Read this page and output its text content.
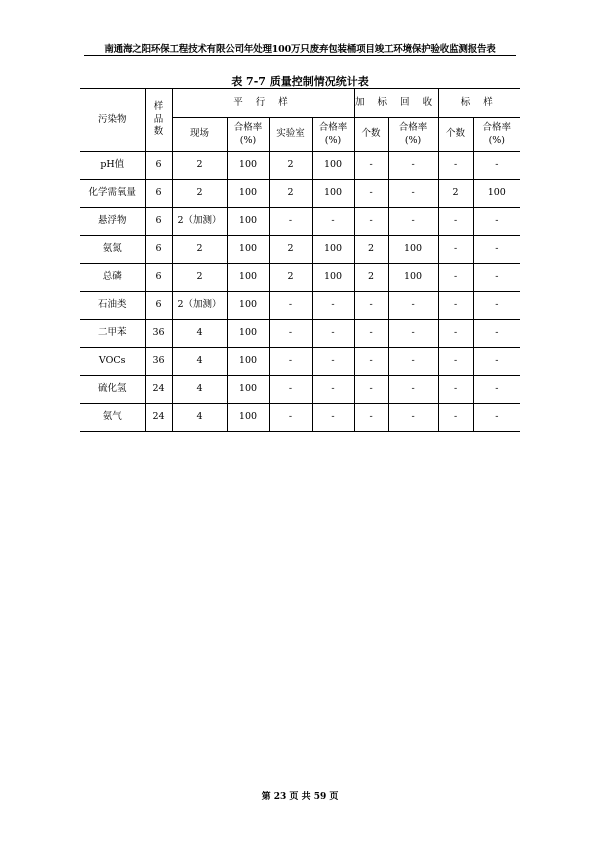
南通海之阳环保工程技术有限公司年处理100万只废弃包装桶项目竣工环境保护验收监测报告表
表 7-7 质量控制情况统计表
污染物	样品数	平 行 样				加 标 回 收		标 样	
		现场	合格率(%)	实验室	合格率(%)	个数	合格率(%)	个数	合格率(%)
pH值	6	2	100	2	100	-	-	-	-
化学需氧量	6	2	100	2	100	-	-	2	100
悬浮物	6	2（加测）	100	-	-	-	-	-	-
氨氮	6	2	100	2	100	2	100	-	-
总磷	6	2	100	2	100	2	100	-	-
石油类	6	2（加测）	100	-	-	-	-	-	-
二甲苯	36	4	100	-	-	-	-	-	-
VOCs	36	4	100	-	-	-	-	-	-
硫化氢	24	4	100	-	-	-	-	-	-
氨气	24	4	100	-	-	-	-	-	-
第 23 页 共 59 页
